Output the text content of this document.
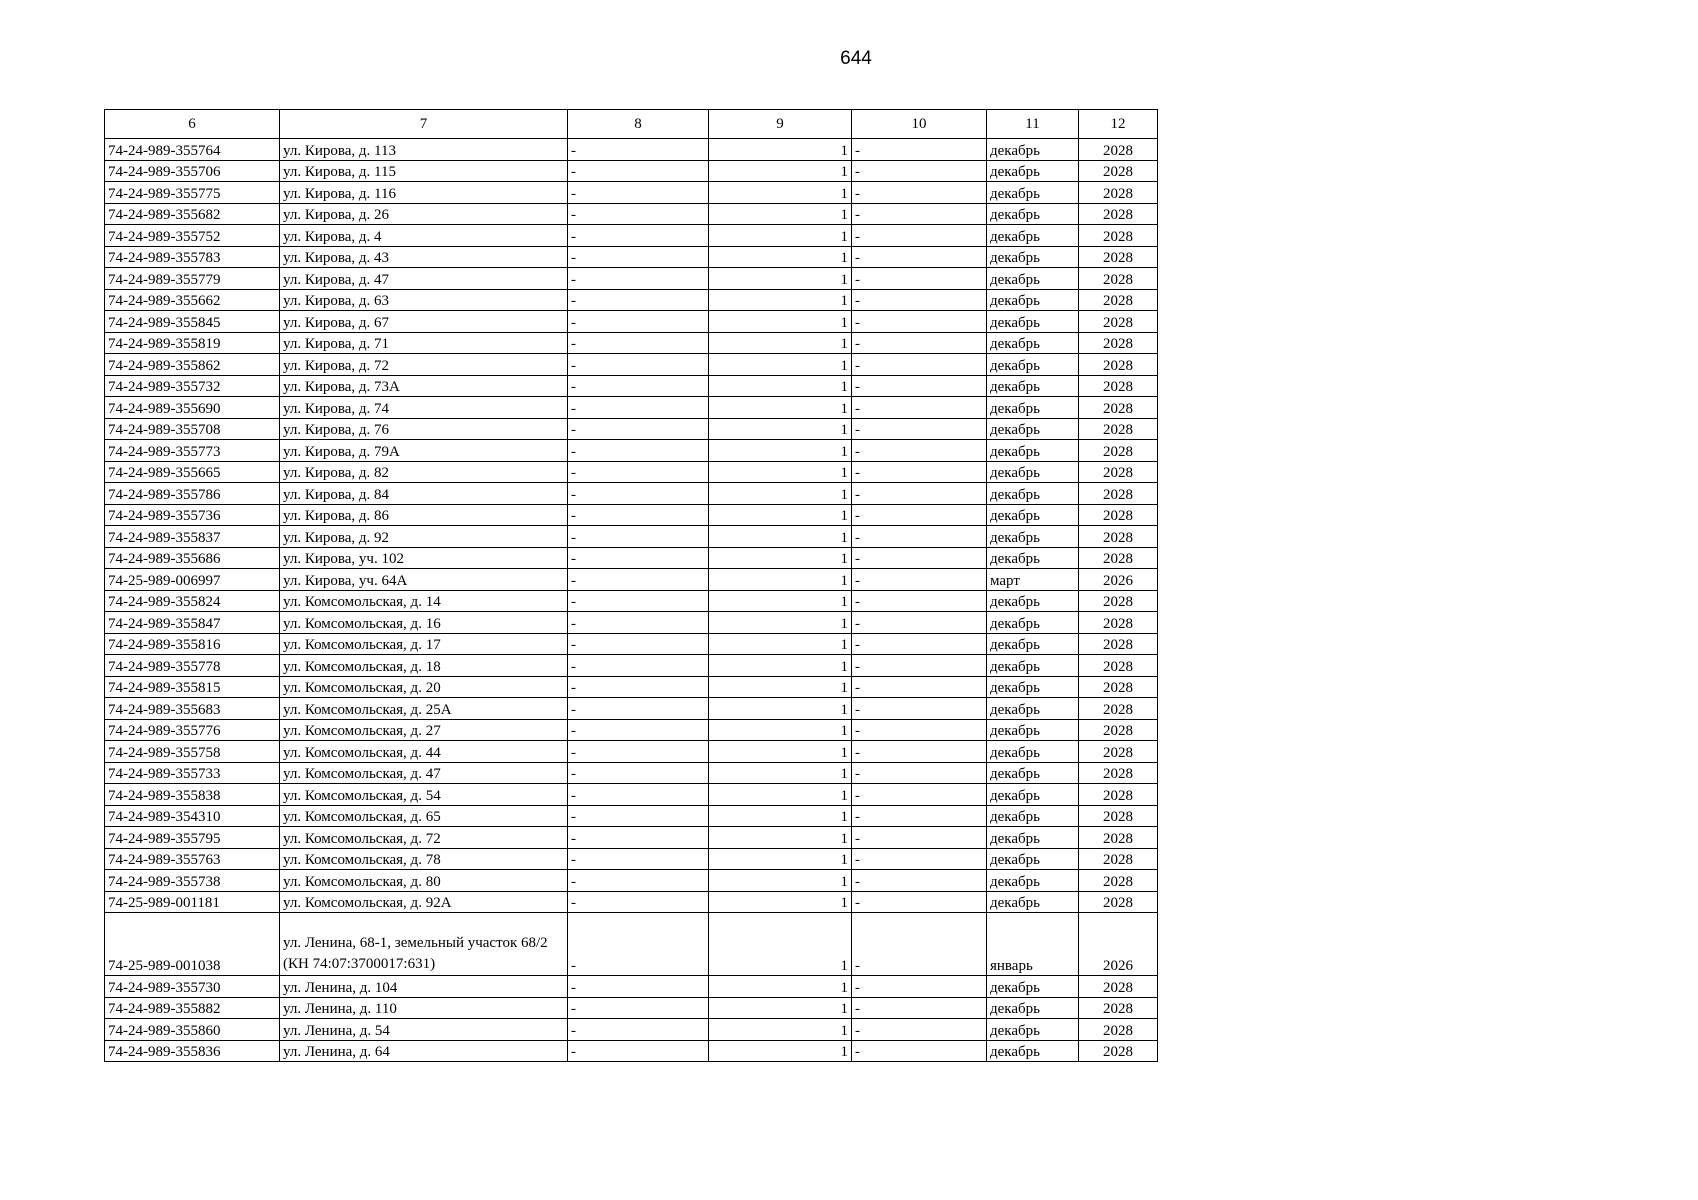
644
6	7	8	9	10	11	12
74-24-989-355764	ул. Кирова, д. 113	-	1	-	декабрь	2028
74-24-989-355706	ул. Кирова, д. 115	-	1	-	декабрь	2028
74-24-989-355775	ул. Кирова, д. 116	-	1	-	декабрь	2028
74-24-989-355682	ул. Кирова, д. 26	-	1	-	декабрь	2028
74-24-989-355752	ул. Кирова, д. 4	-	1	-	декабрь	2028
74-24-989-355783	ул. Кирова, д. 43	-	1	-	декабрь	2028
74-24-989-355779	ул. Кирова, д. 47	-	1	-	декабрь	2028
74-24-989-355662	ул. Кирова, д. 63	-	1	-	декабрь	2028
74-24-989-355845	ул. Кирова, д. 67	-	1	-	декабрь	2028
74-24-989-355819	ул. Кирова, д. 71	-	1	-	декабрь	2028
74-24-989-355862	ул. Кирова, д. 72	-	1	-	декабрь	2028
74-24-989-355732	ул. Кирова, д. 73А	-	1	-	декабрь	2028
74-24-989-355690	ул. Кирова, д. 74	-	1	-	декабрь	2028
74-24-989-355708	ул. Кирова, д. 76	-	1	-	декабрь	2028
74-24-989-355773	ул. Кирова, д. 79А	-	1	-	декабрь	2028
74-24-989-355665	ул. Кирова, д. 82	-	1	-	декабрь	2028
74-24-989-355786	ул. Кирова, д. 84	-	1	-	декабрь	2028
74-24-989-355736	ул. Кирова, д. 86	-	1	-	декабрь	2028
74-24-989-355837	ул. Кирова, д. 92	-	1	-	декабрь	2028
74-24-989-355686	ул. Кирова, уч. 102	-	1	-	декабрь	2028
74-25-989-006997	ул. Кирова, уч. 64А	-	1	-	март	2026
74-24-989-355824	ул. Комсомольская, д. 14	-	1	-	декабрь	2028
74-24-989-355847	ул. Комсомольская, д. 16	-	1	-	декабрь	2028
74-24-989-355816	ул. Комсомольская, д. 17	-	1	-	декабрь	2028
74-24-989-355778	ул. Комсомольская, д. 18	-	1	-	декабрь	2028
74-24-989-355815	ул. Комсомольская, д. 20	-	1	-	декабрь	2028
74-24-989-355683	ул. Комсомольская, д. 25А	-	1	-	декабрь	2028
74-24-989-355776	ул. Комсомольская, д. 27	-	1	-	декабрь	2028
74-24-989-355758	ул. Комсомольская, д. 44	-	1	-	декабрь	2028
74-24-989-355733	ул. Комсомольская, д. 47	-	1	-	декабрь	2028
74-24-989-355838	ул. Комсомольская, д. 54	-	1	-	декабрь	2028
74-24-989-354310	ул. Комсомольская, д. 65	-	1	-	декабрь	2028
74-24-989-355795	ул. Комсомольская, д. 72	-	1	-	декабрь	2028
74-24-989-355763	ул. Комсомольская, д. 78	-	1	-	декабрь	2028
74-24-989-355738	ул. Комсомольская, д. 80	-	1	-	декабрь	2028
74-25-989-001181	ул. Комсомольская, д. 92А	-	1	-	декабрь	2028
74-25-989-001038	ул. Ленина, 68-1, земельный участок 68/2 (КН 74:07:3700017:631)	-	1	-	январь	2026
74-24-989-355730	ул. Ленина, д. 104	-	1	-	декабрь	2028
74-24-989-355882	ул. Ленина, д. 110	-	1	-	декабрь	2028
74-24-989-355860	ул. Ленина, д. 54	-	1	-	декабрь	2028
74-24-989-355836	ул. Ленина, д. 64	-	1	-	декабрь	2028
